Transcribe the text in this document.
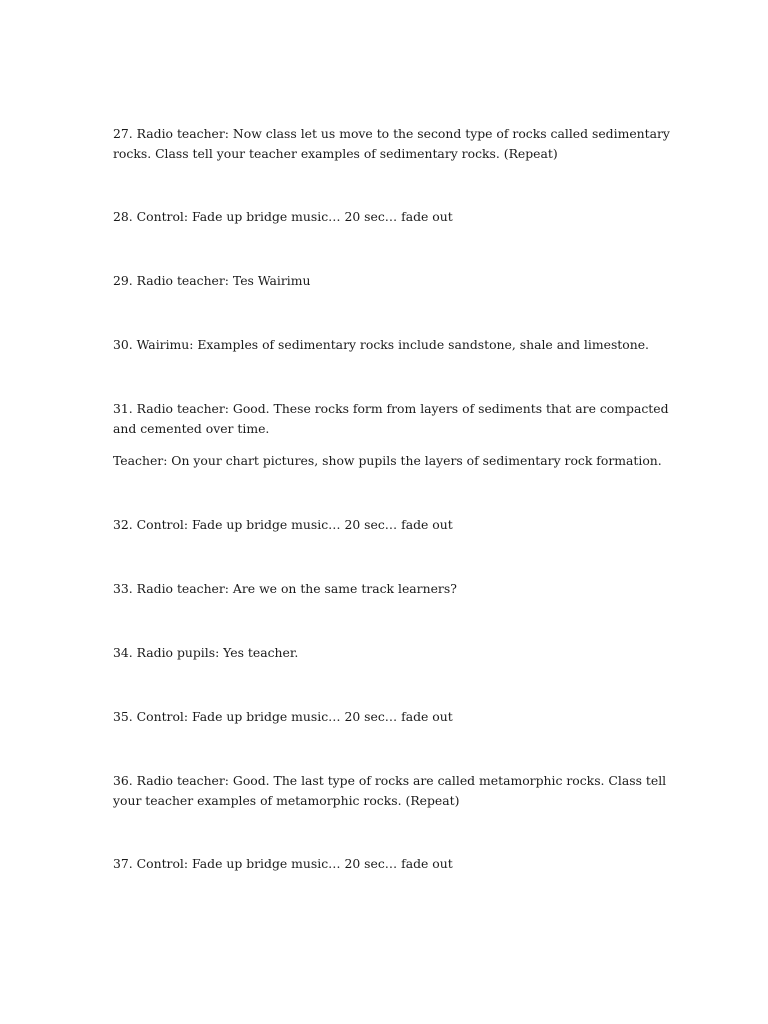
27. Radio teacher: Now class let us move to the second type of rocks called sedimentary rocks. Class tell your teacher examples of sedimentary rocks. (Repeat)

28. Control: Fade up bridge music… 20 sec… fade out

29. Radio teacher: Tes Wairimu

30. Wairimu: Examples of sedimentary rocks include sandstone, shale and limestone.

31. Radio teacher: Good. These rocks form from layers of sediments that are compacted and cemented over time.

Teacher: On your chart pictures, show pupils the layers of sedimentary rock formation.

32. Control: Fade up bridge music… 20 sec… fade out

33. Radio teacher: Are we on the same track learners?

34. Radio pupils: Yes teacher.

35. Control: Fade up bridge music… 20 sec… fade out

36. Radio teacher: Good. The last type of rocks are called metamorphic rocks. Class tell your teacher examples of metamorphic rocks. (Repeat)

37. Control: Fade up bridge music… 20 sec… fade out
